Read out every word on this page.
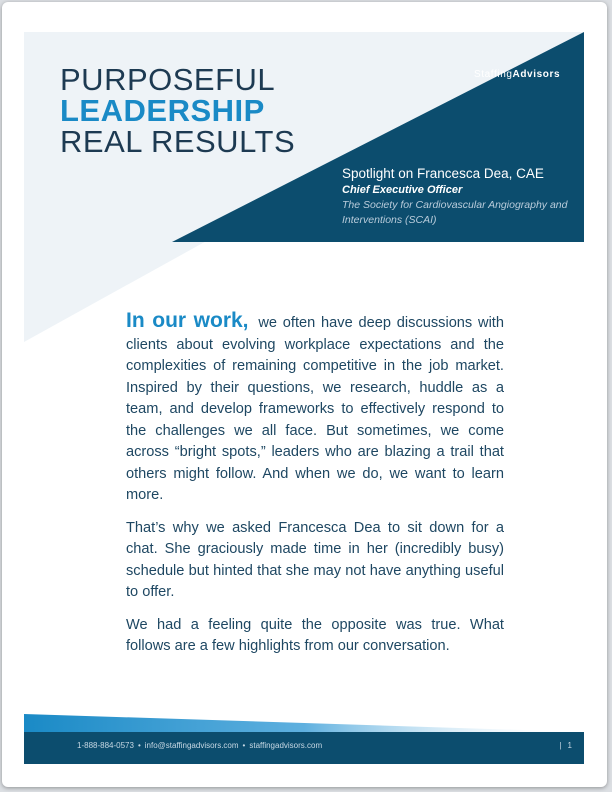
PURPOSEFUL
LEADERSHIP
REAL RESULTS
StaffingAdvisors
Spotlight on Francesca Dea, CAE
Chief Executive Officer
The Society for Cardiovascular Angiography and Interventions (SCAI)

In our work, we often have deep discussions with clients about evolving workplace expectations and the complexities of remaining competitive in the job market. Inspired by their questions, we research, huddle as a team, and develop frameworks to effectively respond to the challenges we all face. But sometimes, we come across “bright spots,” leaders who are blazing a trail that others might follow. And when we do, we want to learn more.

That’s why we asked Francesca Dea to sit down for a chat. She graciously made time in her (incredibly busy) schedule but hinted that she may not have anything useful to offer.

We had a feeling quite the opposite was true. What follows are a few highlights from our conversation.

1-888-884-0573 • info@staffingadvisors.com • staffingadvisors.com	| 1
